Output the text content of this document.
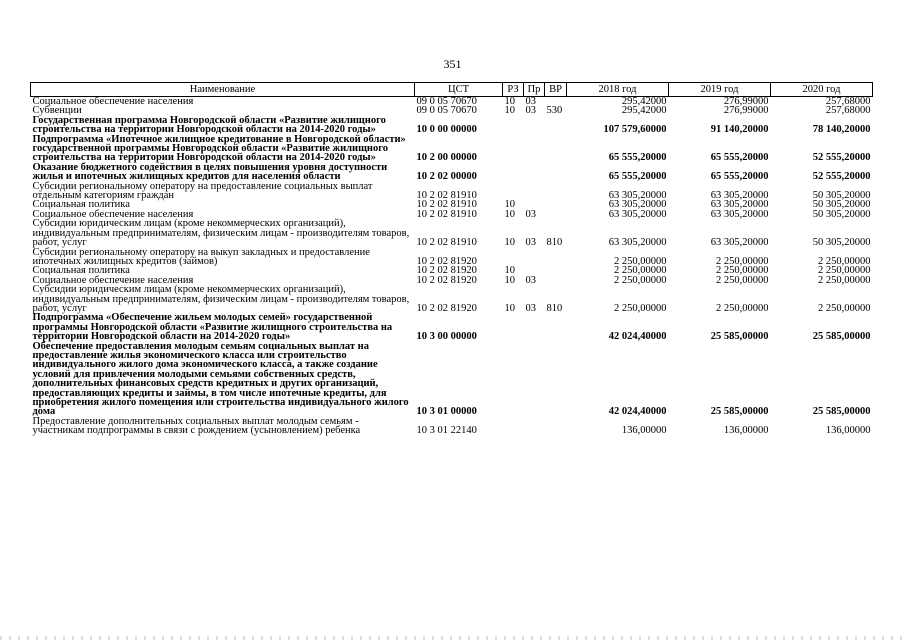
351
Наименование	ЦСТ	РЗ	Пр	ВР	2018 год	2019 год	2020 год
Социальное обеспечение населения	09 0 05 70670	10	03		295,42000	276,99000	257,68000
Субвенции	09 0 05 70670	10	03	530	295,42000	276,99000	257,68000
Государственная программа Новгородской области «Развитие жилищного строительства на территории Новгородской области на 2014-2020 годы»	10 0 00 00000				107 579,60000	91 140,20000	78 140,20000
Подпрограмма «Ипотечное жилищное кредитование в Новгородской области» государственной программы Новгородской области «Развитие жилищного строительства на территории Новгородской области на 2014-2020 годы»	10 2 00 00000				65 555,20000	65 555,20000	52 555,20000
Оказание бюджетного содействия в целях повышения уровня доступности жилья и ипотечных жилищных кредитов для населения области	10 2 02 00000				65 555,20000	65 555,20000	52 555,20000
Субсидии региональному оператору на предоставление социальных выплат отдельным категориям граждан	10 2 02 81910				63 305,20000	63 305,20000	50 305,20000
Социальная политика	10 2 02 81910	10			63 305,20000	63 305,20000	50 305,20000
Социальное обеспечение населения	10 2 02 81910	10	03		63 305,20000	63 305,20000	50 305,20000
Субсидии юридическим лицам (кроме некоммерческих организаций), индивидуальным предпринимателям, физическим лицам - производителям товаров, работ, услуг	10 2 02 81910	10	03	810	63 305,20000	63 305,20000	50 305,20000
Субсидии региональному оператору на выкуп закладных и предоставление ипотечных жилищных кредитов (займов)	10 2 02 81920				2 250,00000	2 250,00000	2 250,00000
Социальная политика	10 2 02 81920	10			2 250,00000	2 250,00000	2 250,00000
Социальное обеспечение населения	10 2 02 81920	10	03		2 250,00000	2 250,00000	2 250,00000
Субсидии юридическим лицам (кроме некоммерческих организаций), индивидуальным предпринимателям, физическим лицам - производителям товаров, работ, услуг	10 2 02 81920	10	03	810	2 250,00000	2 250,00000	2 250,00000
Подпрограмма «Обеспечение жильем молодых семей» государственной программы Новгородской области «Развитие жилищного строительства на территории Новгородской области на 2014-2020 годы»	10 3 00 00000				42 024,40000	25 585,00000	25 585,00000
Обеспечение предоставления молодым семьям социальных выплат на предоставление жилья экономического класса или строительство индивидуального жилого дома экономического класса, а также создание условий для привлечения молодыми семьями собственных средств, дополнительных финансовых средств кредитных и других организаций, предоставляющих кредиты и займы, в том числе ипотечные кредиты, для приобретения жилого помещения или строительства индивидуального жилого дома	10 3 01 00000				42 024,40000	25 585,00000	25 585,00000
Предоставление дополнительных социальных выплат молодым семьям - участникам подпрограммы в связи с рождением (усыновлением) ребенка	10 3 01 22140				136,00000	136,00000	136,00000
